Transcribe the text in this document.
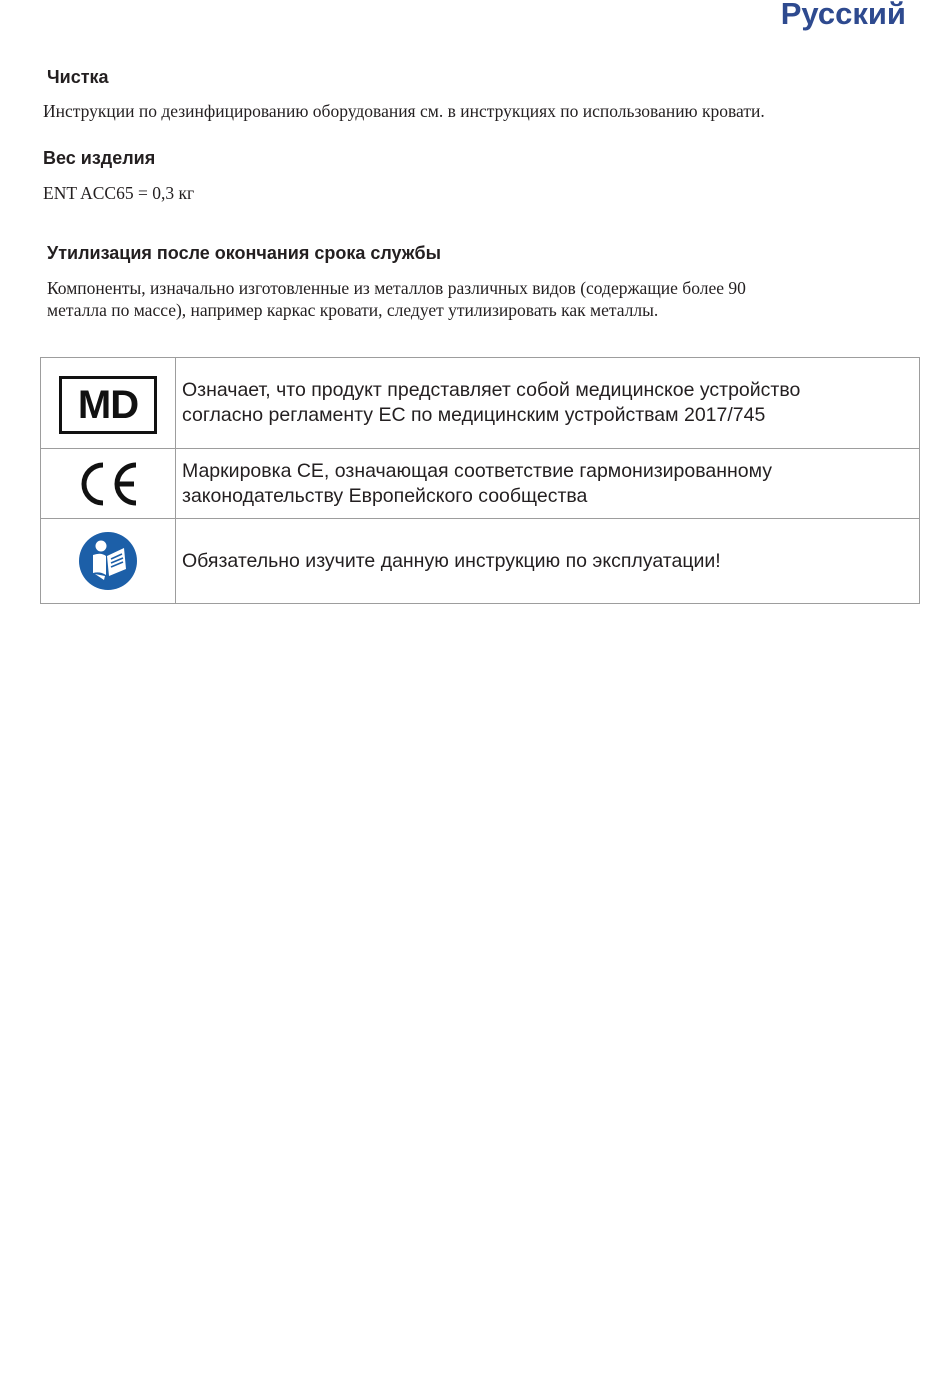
Русский
Чистка

Инструкции по дезинфицированию оборудования см. в инструкциях по использованию кровати.

Вес изделия

ENT ACC65 = 0,3 кг

Утилизация после окончания срока службы

Компоненты, изначально изготовленные из металлов различных видов (содержащие более 90

металла по массе), например каркас кровати, следует утилизировать как металлы.

MD	Означает, что продукт представляет собой медицинское устройство
согласно регламенту ЕС по медицинским устройствам 2017/745

Маркировка СЕ, означающая соответствие гармонизированному
законодательству Европейского сообщества

Обязательно изучите данную инструкцию по эксплуатации!
